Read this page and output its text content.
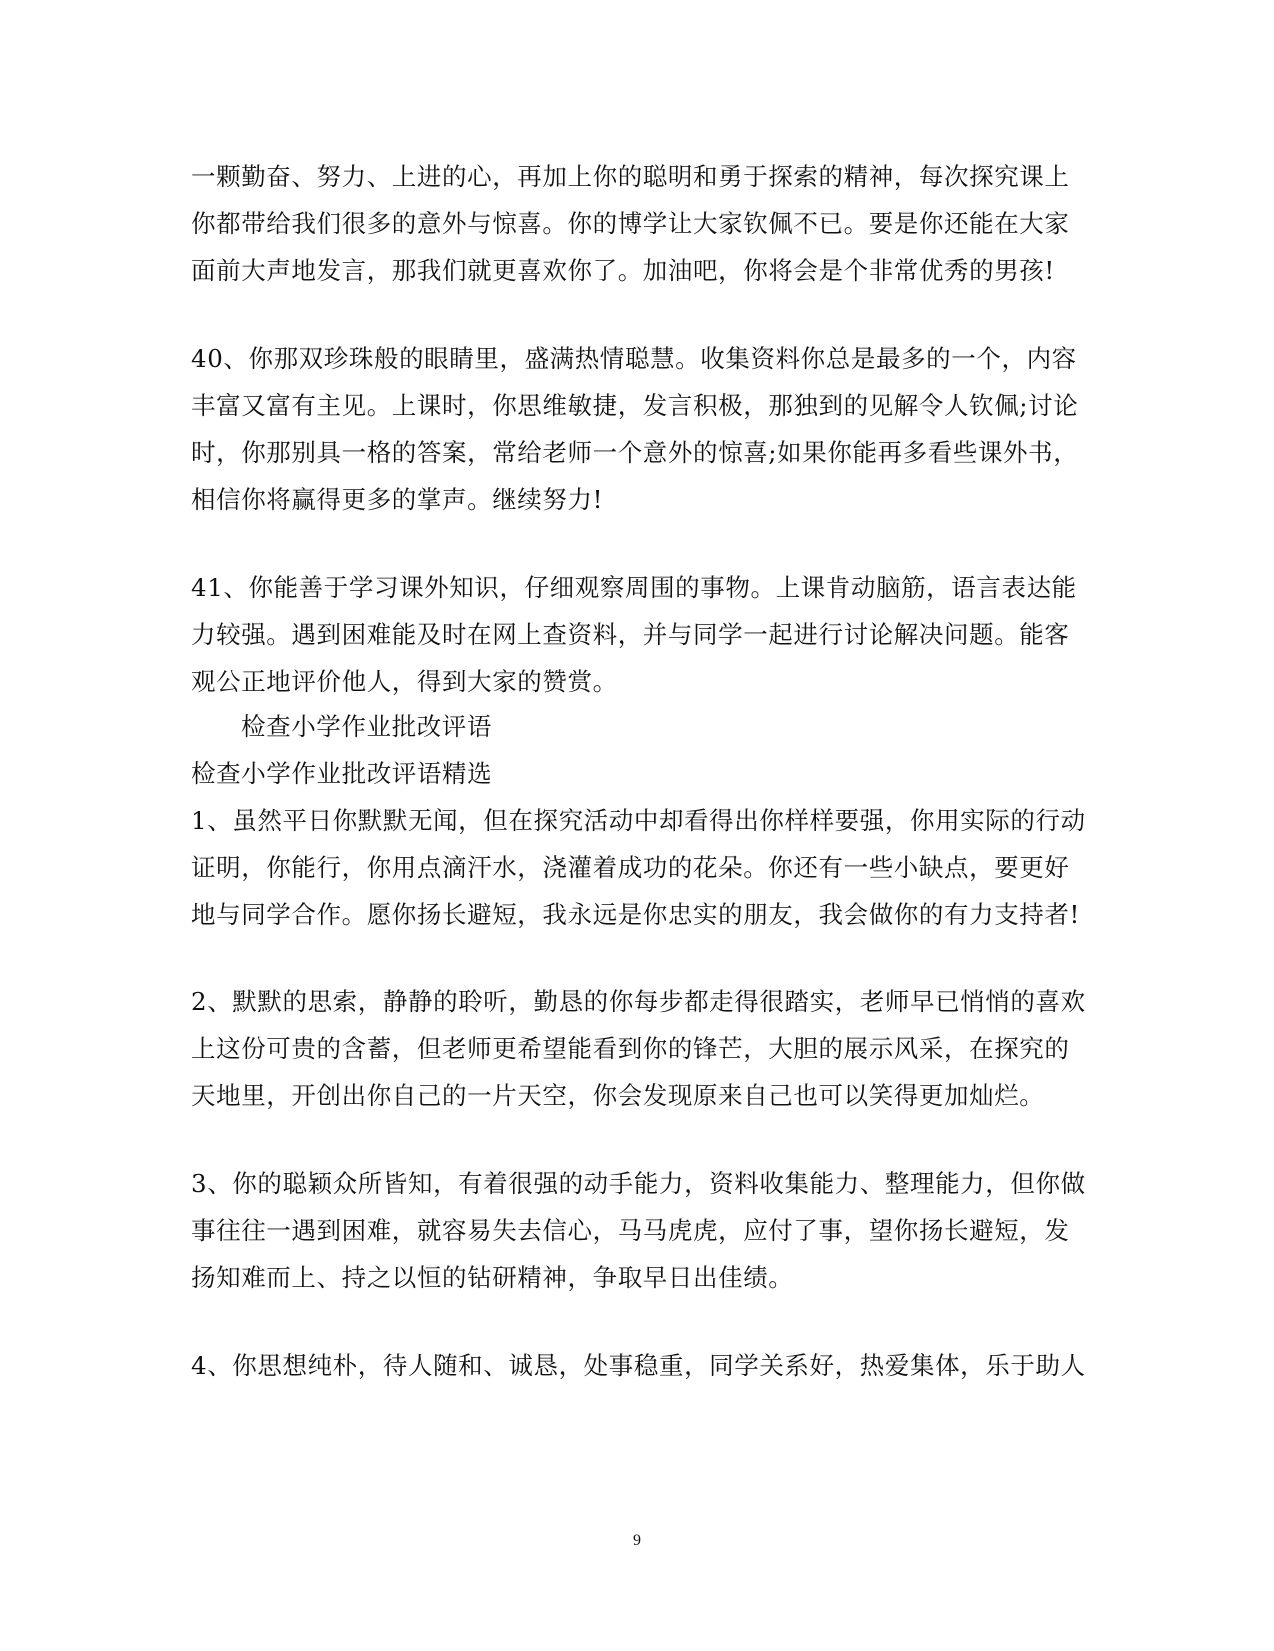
一颗勤奋、努力、上进的心，再加上你的聪明和勇于探索的精神，每次探究课上
你都带给我们很多的意外与惊喜。你的博学让大家钦佩不已。要是你还能在大家
面前大声地发言，那我们就更喜欢你了。加油吧，你将会是个非常优秀的男孩!
40、你那双珍珠般的眼睛里，盛满热情聪慧。收集资料你总是最多的一个，内容
丰富又富有主见。上课时，你思维敏捷，发言积极，那独到的见解令人钦佩;讨论
时，你那别具一格的答案，常给老师一个意外的惊喜;如果你能再多看些课外书，
相信你将赢得更多的掌声。继续努力!
41、你能善于学习课外知识，仔细观察周围的事物。上课肯动脑筋，语言表达能
力较强。遇到困难能及时在网上查资料，并与同学一起进行讨论解决问题。能客
观公正地评价他人，得到大家的赞赏。
检查小学作业批改评语
检查小学作业批改评语精选
1、虽然平日你默默无闻，但在探究活动中却看得出你样样要强，你用实际的行动
证明，你能行，你用点滴汗水，浇灌着成功的花朵。你还有一些小缺点，要更好
地与同学合作。愿你扬长避短，我永远是你忠实的朋友，我会做你的有力支持者!
2、默默的思索，静静的聆听，勤恳的你每步都走得很踏实，老师早已悄悄的喜欢
上这份可贵的含蓄，但老师更希望能看到你的锋芒，大胆的展示风采，在探究的
天地里，开创出你自己的一片天空，你会发现原来自己也可以笑得更加灿烂。
3、你的聪颖众所皆知，有着很强的动手能力，资料收集能力、整理能力，但你做
事往往一遇到困难，就容易失去信心，马马虎虎，应付了事，望你扬长避短，发
扬知难而上、持之以恒的钻研精神，争取早日出佳绩。
4、你思想纯朴，待人随和、诚恳，处事稳重，同学关系好，热爱集体，乐于助人
9
